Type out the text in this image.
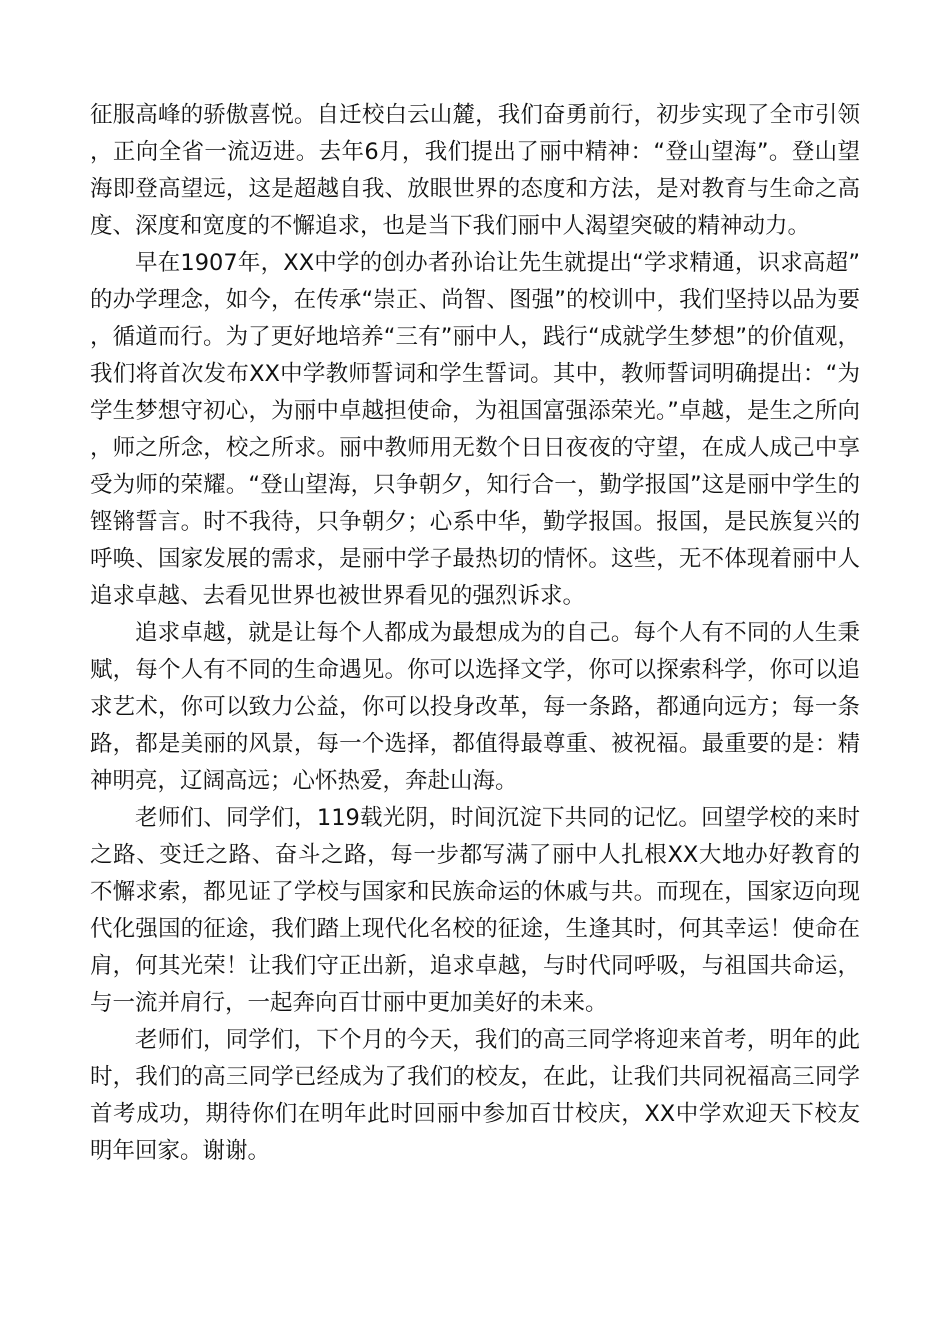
征服高峰的骄傲喜悦。自迁校白云山麓，我们奋勇前行，初步实现了全市引领，正向全省一流迈进。去年6月，我们提出了丽中精神：“登山望海”。登山望海即登高望远，这是超越自我、放眼世界的态度和方法，是对教育与生命之高度、深度和宽度的不懈追求，也是当下我们丽中人渴望突破的精神动力。

早在1907年，XX中学的创办者孙诒让先生就提出“学求精通，识求高超”的办学理念，如今，在传承“崇正、尚智、图强”的校训中，我们坚持以品为要，循道而行。为了更好地培养“三有”丽中人，践行“成就学生梦想”的价值观，我们将首次发布XX中学教师誓词和学生誓词。其中，教师誓词明确提出：“为学生梦想守初心，为丽中卓越担使命，为祖国富强添荣光。”卓越，是生之所向，师之所念，校之所求。丽中教师用无数个日日夜夜的守望，在成人成己中享受为师的荣耀。“登山望海，只争朝夕，知行合一，勤学报国”这是丽中学生的铿锵誓言。时不我待，只争朝夕；心系中华，勤学报国。报国，是民族复兴的呼唤、国家发展的需求，是丽中学子最热切的情怀。这些，无不体现着丽中人追求卓越、去看见世界也被世界看见的强烈诉求。

追求卓越，就是让每个人都成为最想成为的自己。每个人有不同的人生秉赋，每个人有不同的生命遇见。你可以选择文学，你可以探索科学，你可以追求艺术，你可以致力公益，你可以投身改革，每一条路，都通向远方；每一条路，都是美丽的风景，每一个选择，都值得最尊重、被祝福。最重要的是：精神明亮，辽阔高远；心怀热爱，奔赴山海。

老师们、同学们，119载光阴，时间沉淀下共同的记忆。回望学校的来时之路、变迁之路、奋斗之路，每一步都写满了丽中人扎根XX大地办好教育的不懈求索，都见证了学校与国家和民族命运的休戚与共。而现在，国家迈向现代化强国的征途，我们踏上现代化名校的征途，生逢其时，何其幸运！使命在肩，何其光荣！让我们守正出新，追求卓越，与时代同呼吸，与祖国共命运，与一流并肩行，一起奔向百廿丽中更加美好的未来。

老师们，同学们，下个月的今天，我们的高三同学将迎来首考，明年的此时，我们的高三同学已经成为了我们的校友，在此，让我们共同祝福高三同学首考成功，期待你们在明年此时回丽中参加百廿校庆，XX中学欢迎天下校友明年回家。谢谢。
